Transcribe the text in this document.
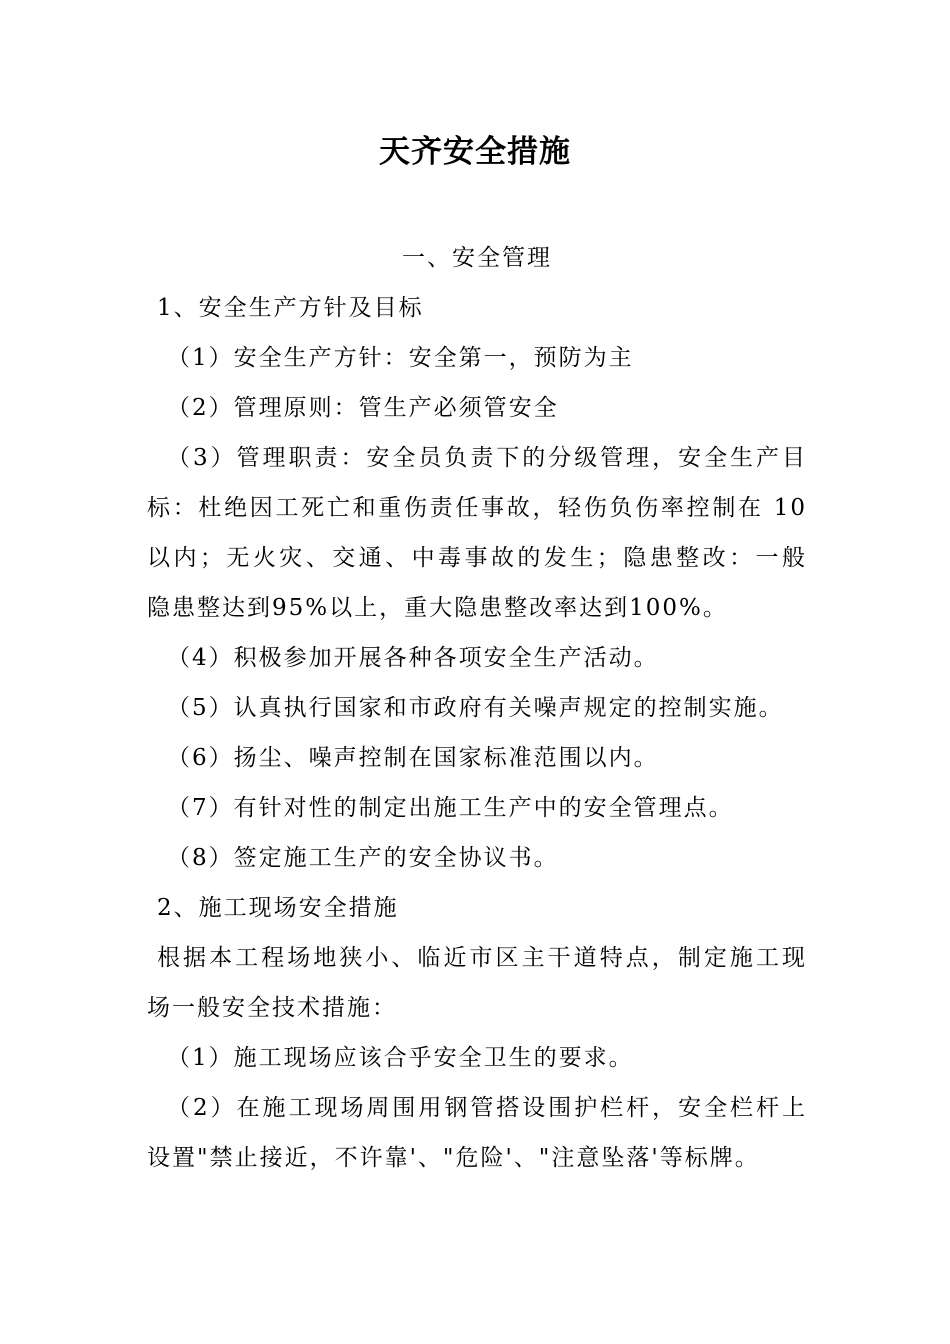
天齐安全措施
一、安全管理
1、安全生产方针及目标
（1）安全生产方针：安全第一，预防为主
（2）管理原则：管生产必须管安全
（3）管理职责：安全员负责下的分级管理，安全生产目
标：杜绝因工死亡和重伤责任事故，轻伤负伤率控制在 10
以内；无火灾、交通、中毒事故的发生；隐患整改：一般
隐患整达到95%以上，重大隐患整改率达到100%。
（4）积极参加开展各种各项安全生产活动。
（5）认真执行国家和市政府有关噪声规定的控制实施。
（6）扬尘、噪声控制在国家标准范围以内。
（7）有针对性的制定出施工生产中的安全管理点。
（8）签定施工生产的安全协议书。
2、施工现场安全措施
根据本工程场地狭小、临近市区主干道特点，制定施工现
场一般安全技术措施：
（1）施工现场应该合乎安全卫生的要求。
（2）在施工现场周围用钢管搭设围护栏杆，安全栏杆上
设置"禁止接近，不许靠'、"危险'、"注意坠落'等标牌。
